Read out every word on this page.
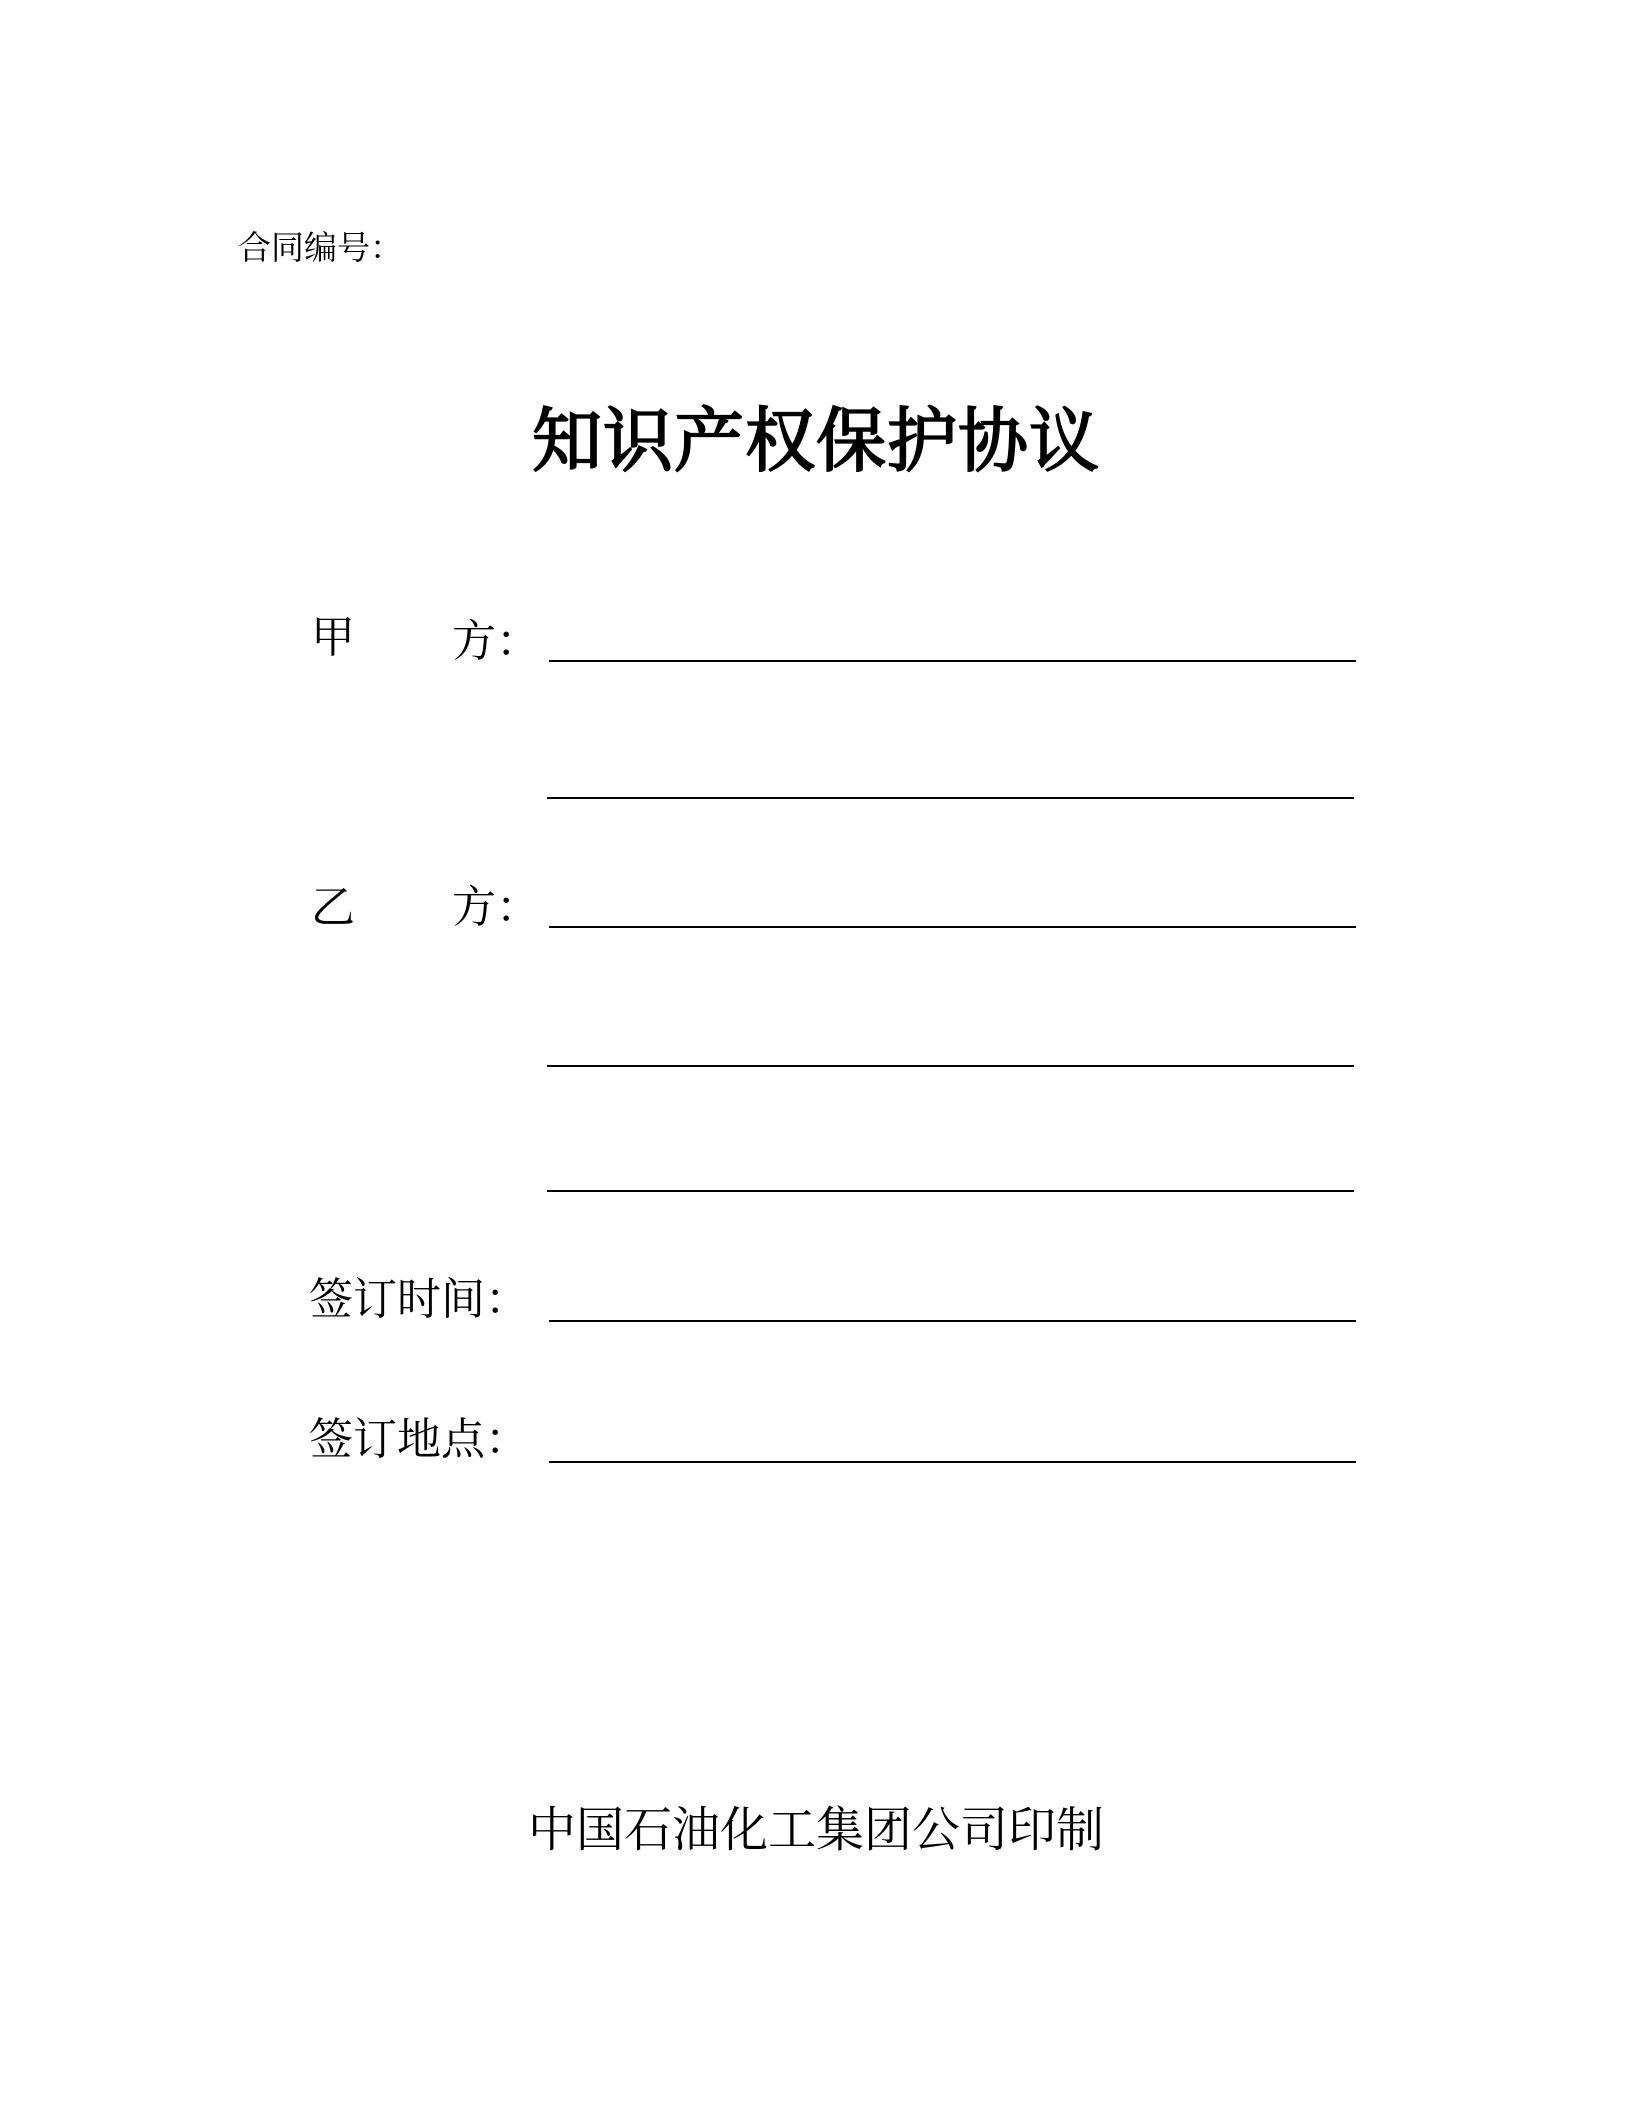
合同编号：
知识产权保护协议
甲 方：
乙 方：
签订时间：
签订地点：
中国石油化工集团公司印制
